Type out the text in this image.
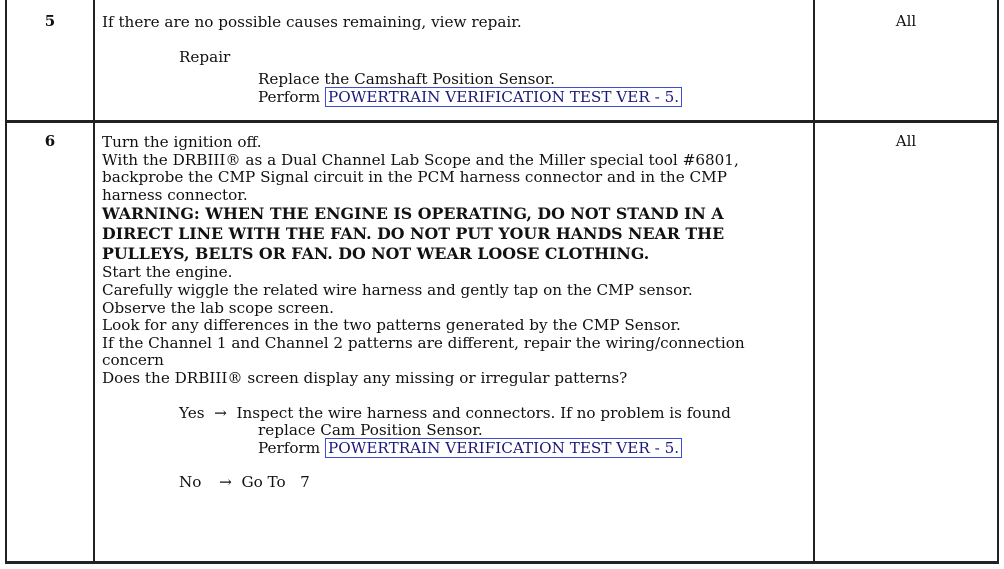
5	All
If there are no possible causes remaining, view repair.
Repair
Replace the Camshaft Position Sensor.
Perform POWERTRAIN VERIFICATION TEST VER - 5.
6	All
Turn the ignition off.
With the DRBIII® as a Dual Channel Lab Scope and the Miller special tool #6801,
backprobe the CMP Signal circuit in the PCM harness connector and in the CMP
harness connector.
WARNING: WHEN THE ENGINE IS OPERATING, DO NOT STAND IN A
DIRECT LINE WITH THE FAN. DO NOT PUT YOUR HANDS NEAR THE
PULLEYS, BELTS OR FAN. DO NOT WEAR LOOSE CLOTHING.
Start the engine.
Carefully wiggle the related wire harness and gently tap on the CMP sensor.
Observe the lab scope screen.
Look for any differences in the two patterns generated by the CMP Sensor.
If the Channel 1 and Channel 2 patterns are different, repair the wiring/connection
concern
Does the DRBIII® screen display any missing or irregular patterns?
Yes → Inspect the wire harness and connectors. If no problem is found
replace Cam Position Sensor.
Perform POWERTRAIN VERIFICATION TEST VER - 5.
No → Go To   7
